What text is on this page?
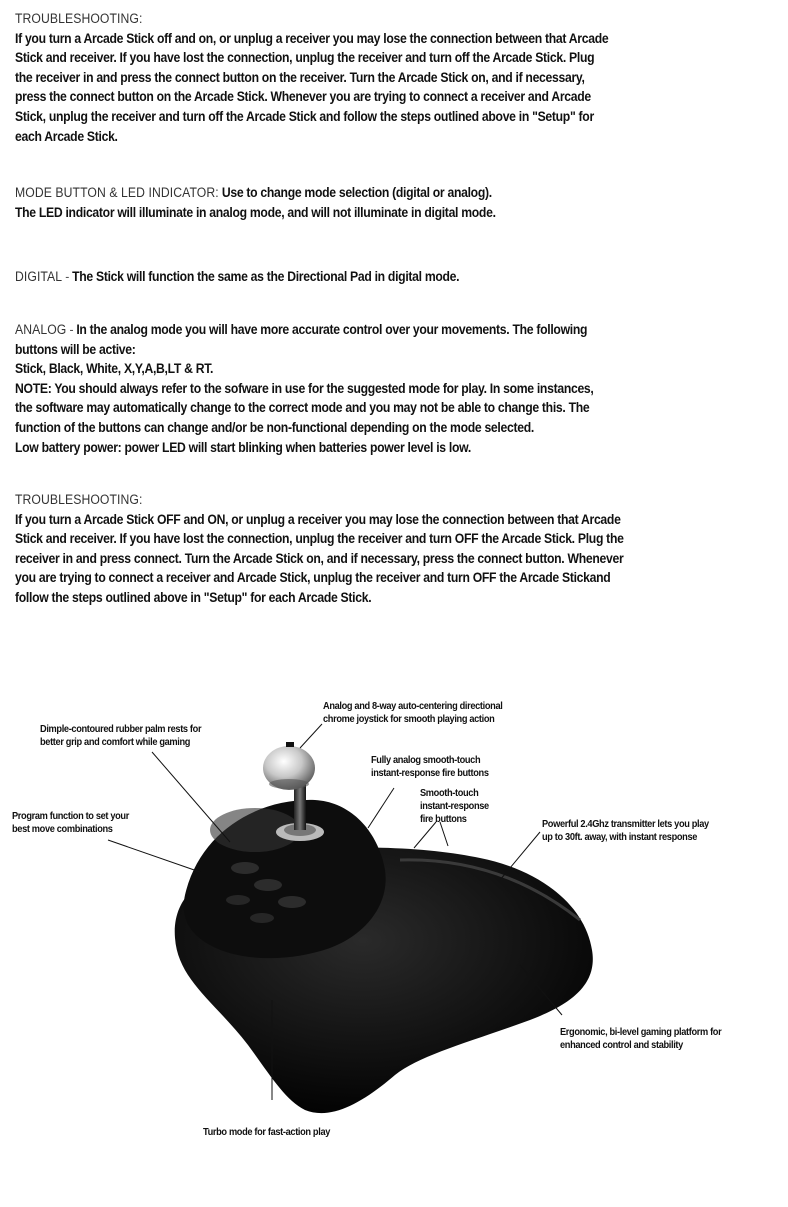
TROUBLESHOOTING:
If you turn a Arcade Stick off and on, or unplug a receiver you may lose the connection between that Arcade
Stick and receiver. If you have lost the connection, unplug the receiver and turn off the Arcade Stick. Plug
the receiver in and press the connect button on the receiver. Turn the Arcade Stick on, and if necessary,
press the connect button on the Arcade Stick. Whenever you are trying to connect a receiver and Arcade
Stick, unplug the receiver and turn off the Arcade Stick and follow the steps outlined above in "Setup" for
each Arcade Stick.
MODE BUTTON & LED INDICATOR: Use to change mode selection (digital or analog).
The LED indicator will illuminate in analog mode, and will not illuminate in digital mode.
DIGITAL - The Stick will function the same as the Directional Pad in digital mode.
ANALOG - In the analog mode you will have more accurate control over your movements. The following
buttons will be active:
Stick, Black, White, X,Y,A,B,LT & RT.
NOTE: You should always refer to the sofware in use for the suggested mode for play. In some instances,
the software may automatically change to the correct mode and you may not be able to change this. The
function of the buttons can change and/or be non-functional depending on the mode selected.
Low battery power: power LED will start blinking when batteries power level is low.
TROUBLESHOOTING:
If you turn a Arcade Stick OFF and ON, or unplug a receiver you may lose the connection between that Arcade
Stick and receiver. If you have lost the connection, unplug the receiver and turn OFF the Arcade Stick. Plug the
receiver in and press connect. Turn the Arcade Stick on, and if necessary, press the connect button. Whenever
you are trying to connect a receiver and Arcade Stick, unplug the receiver and turn OFF the Arcade Stickand
follow the steps outlined above in "Setup" for each Arcade Stick.
Analog and 8-way auto-centering directional
chrome joystick for smooth playing action
Dimple-contoured rubber palm rests for
better grip and comfort while gaming
Fully analog smooth-touch
instant-response fire buttons
Smooth-touch
instant-response
fire buttons
Program function to set your
best move combinations	Powerful 2.4Ghz transmitter lets you play
up to 30ft. away, with instant response
Ergonomic, bi-level gaming platform for
enhanced control and stability
Turbo mode for fast-action play
